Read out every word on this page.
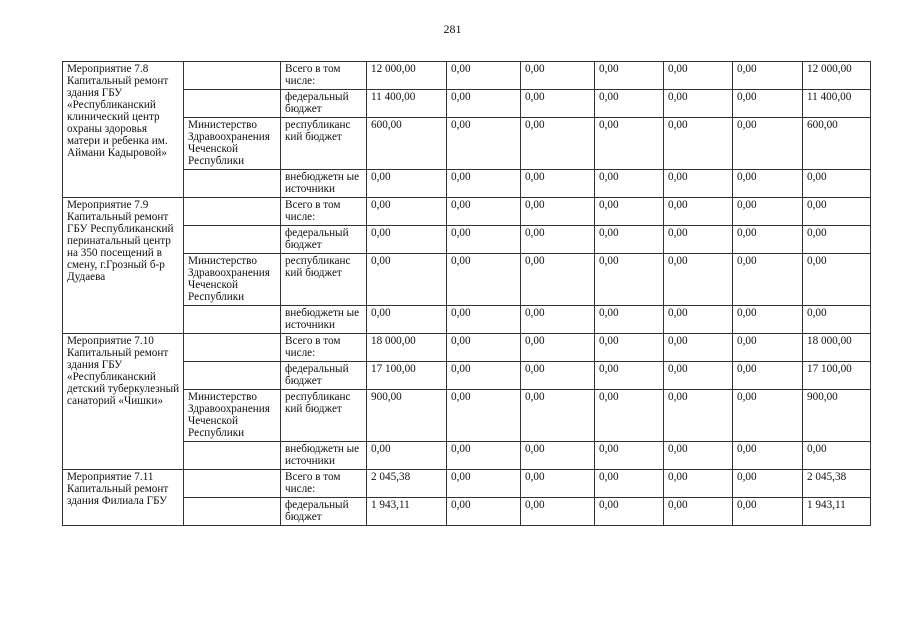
281
Мероприятие 7.8 Капитальный ремонт здания ГБУ «Республиканский клинический центр охраны здоровья матери и ребенка им. Аймани Кадыровой»		Всего в том числе:	12 000,00	0,00	0,00	0,00	0,00	0,00	12 000,00
		федеральный бюджет	11 400,00	0,00	0,00	0,00	0,00	0,00	11 400,00
	Министерство Здравоохранения Чеченской Республики	республиканс кий бюджет	600,00	0,00	0,00	0,00	0,00	0,00	600,00
		внебюджетн ые источники	0,00	0,00	0,00	0,00	0,00	0,00	0,00
Мероприятие 7.9 Капитальный ремонт ГБУ Республиканский перинатальный центр на 350 посещений в смену, г.Грозный б-р Дудаева		Всего в том числе:	0,00	0,00	0,00	0,00	0,00	0,00	0,00
		федеральный бюджет	0,00	0,00	0,00	0,00	0,00	0,00	0,00
	Министерство Здравоохранения Чеченской Республики	республиканс кий бюджет	0,00	0,00	0,00	0,00	0,00	0,00	0,00
		внебюджетн ые источники	0,00	0,00	0,00	0,00	0,00	0,00	0,00
Мероприятие 7.10 Капитальный ремонт здания ГБУ «Республиканский детский туберкулезный санаторий «Чишки»		Всего в том числе:	18 000,00	0,00	0,00	0,00	0,00	0,00	18 000,00
		федеральный бюджет	17 100,00	0,00	0,00	0,00	0,00	0,00	17 100,00
	Министерство Здравоохранения Чеченской Республики	республиканс кий бюджет	900,00	0,00	0,00	0,00	0,00	0,00	900,00
		внебюджетн ые источники	0,00	0,00	0,00	0,00	0,00	0,00	0,00
Мероприятие 7.11 Капитальный ремонт здания Филиала ГБУ		Всего в том числе:	2 045,38	0,00	0,00	0,00	0,00	0,00	2 045,38
		федеральный бюджет	1 943,11	0,00	0,00	0,00	0,00	0,00	1 943,11
